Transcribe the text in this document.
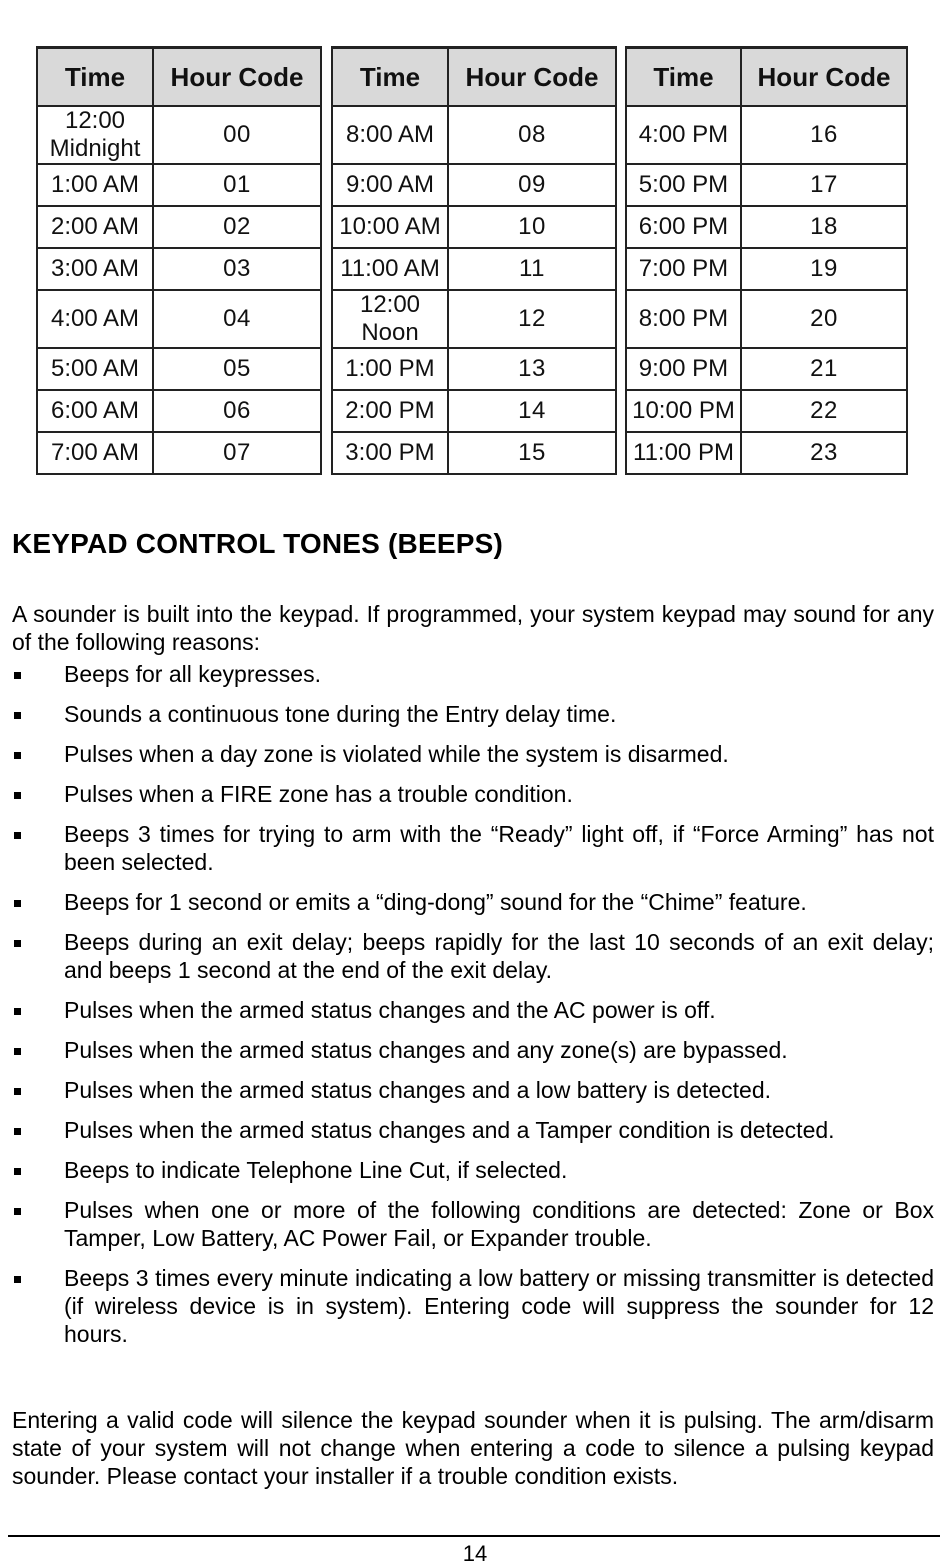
Time	Hour Code
12:00
Midnight	00
1:00 AM	01
2:00 AM	02
3:00 AM	03
4:00 AM	04
5:00 AM	05
6:00 AM	06
7:00 AM	07
Time	Hour Code
8:00 AM	08
9:00 AM	09
10:00 AM	10
11:00 AM	11
12:00
Noon	12
1:00 PM	13
2:00 PM	14
3:00 PM	15
Time	Hour Code
4:00 PM	16
5:00 PM	17
6:00 PM	18
7:00 PM	19
8:00 PM	20
9:00 PM	21
10:00 PM	22
11:00 PM	23
KEYPAD CONTROL TONES (BEEPS)

A sounder is built into the keypad. If programmed, your system keypad may sound for any of the following reasons:

Beeps for all keypresses.
Sounds a continuous tone during the Entry delay time.
Pulses when a day zone is violated while the system is disarmed.
Pulses when a FIRE zone has a trouble condition.
Beeps 3 times for trying to arm with the “Ready” light off, if “Force Arming” has not been selected.
Beeps for 1 second or emits a “ding-dong” sound for the “Chime” feature.
Beeps during an exit delay; beeps rapidly for the last 10 seconds of an exit delay; and beeps 1 second at the end of the exit delay.
Pulses when the armed status changes and the AC power is off.
Pulses when the armed status changes and any zone(s) are bypassed.
Pulses when the armed status changes and a low battery is detected.
Pulses when the armed status changes and a Tamper condition is detected.
Beeps to indicate Telephone Line Cut, if selected.
Pulses when one or more of the following conditions are detected: Zone or Box Tamper, Low Battery, AC Power Fail, or Expander trouble.
Beeps 3 times every minute indicating a low battery or missing transmitter is detected (if wireless device is in system). Entering code will suppress the sounder for 12 hours.

Entering a valid code will silence the keypad sounder when it is pulsing. The arm/disarm state of your system will not change when entering a code to silence a pulsing keypad sounder. Please contact your installer if a trouble condition exists.

14
